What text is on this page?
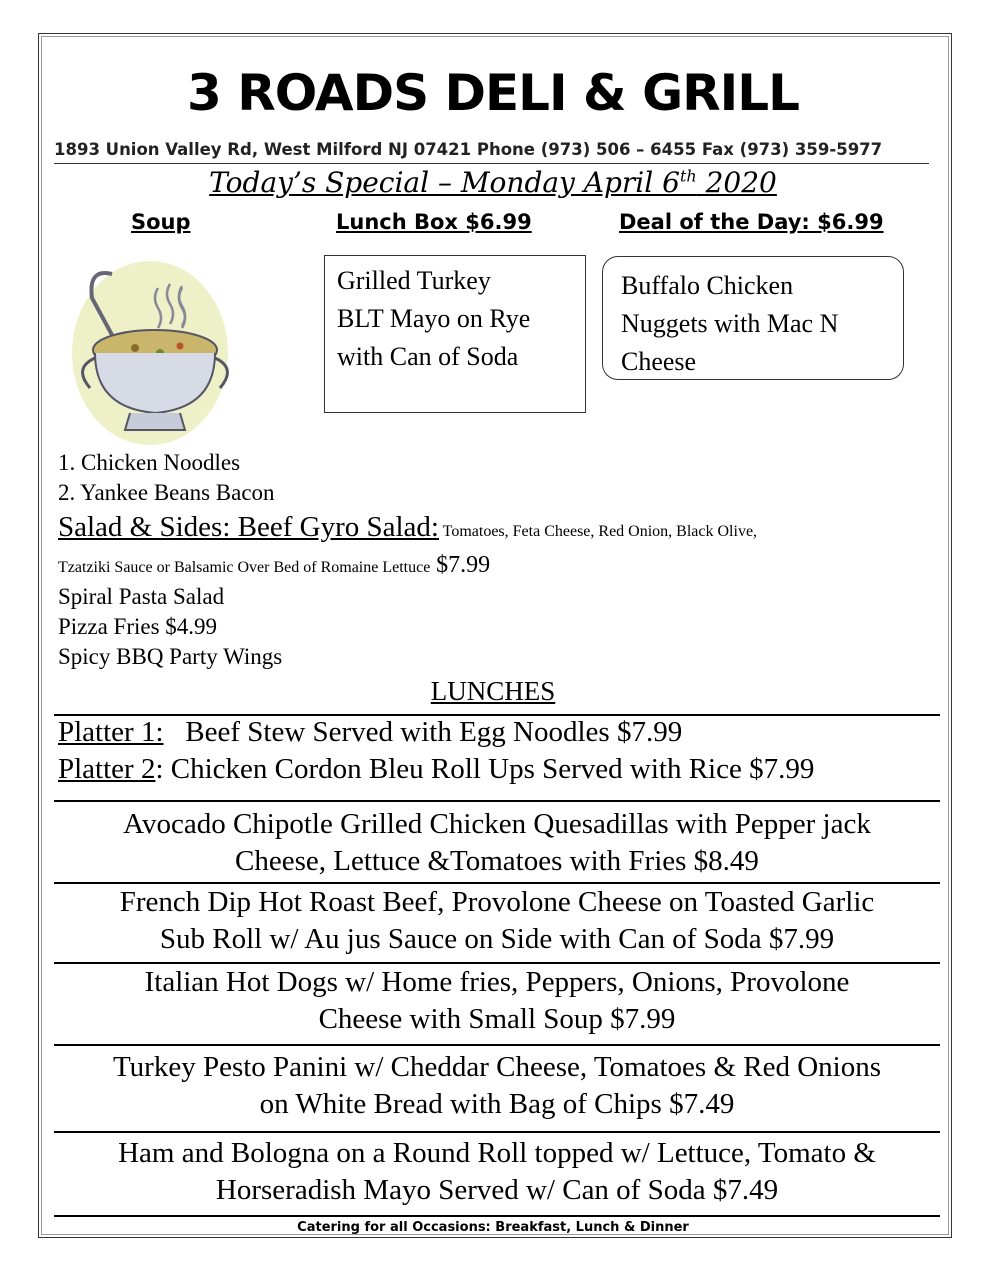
3 ROADS DELI & GRILL
1893 Union Valley Rd, West Milford NJ 07421 Phone (973) 506 – 6455 Fax (973) 359-5977
Today’s Special – Monday April 6th 2020
Soup	Lunch Box $6.99	Deal of the Day: $6.99
Grilled Turkey
BLT Mayo on Rye
with Can of Soda
Buffalo Chicken
Nuggets with Mac N
Cheese
1. Chicken Noodles
2. Yankee Beans Bacon
Salad & Sides: Beef Gyro Salad: Tomatoes, Feta Cheese, Red Onion, Black Olive,
Tzatziki Sauce or Balsamic Over Bed of Romaine Lettuce $7.99
Spiral Pasta Salad
Pizza Fries $4.99
Spicy BBQ Party Wings
LUNCHES
Platter 1:   Beef Stew Served with Egg Noodles $7.99
Platter 2: Chicken Cordon Bleu Roll Ups Served with Rice $7.99
Avocado Chipotle Grilled Chicken Quesadillas with Pepper jack
Cheese, Lettuce &Tomatoes with Fries $8.49
French Dip Hot Roast Beef, Provolone Cheese on Toasted Garlic
Sub Roll w/ Au jus Sauce on Side with Can of Soda $7.99
Italian Hot Dogs w/ Home fries, Peppers, Onions, Provolone
Cheese with Small Soup $7.99
Turkey Pesto Panini w/ Cheddar Cheese, Tomatoes & Red Onions
on White Bread with Bag of Chips $7.49
Ham and Bologna on a Round Roll topped w/ Lettuce, Tomato &
Horseradish Mayo Served w/ Can of Soda $7.49
Catering for all Occasions: Breakfast, Lunch & Dinner
